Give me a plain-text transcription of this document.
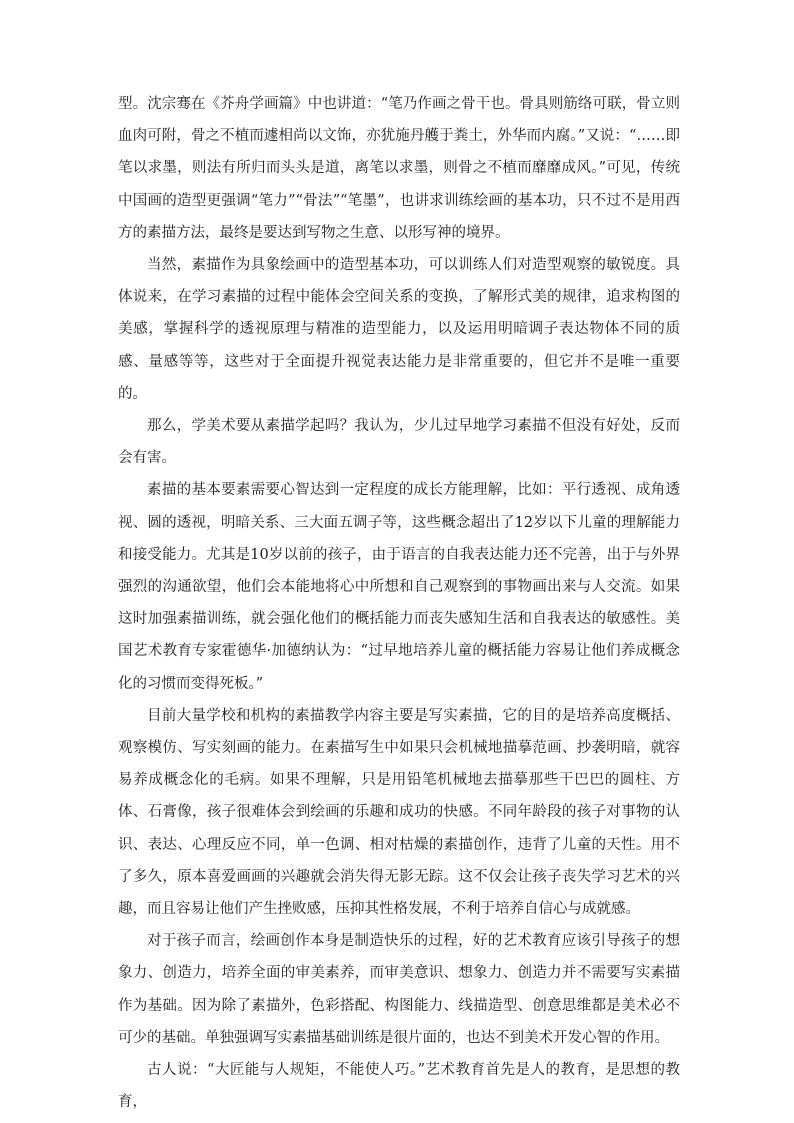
型。沈宗骞在《芥舟学画篇》中也讲道：“笔乃作画之骨干也。骨具则筋络可联，骨立则血肉可附，骨之不植而遽相尚以文饰，亦犹施丹艧于粪土，外华而内腐。”又说：“……即笔以求墨，则法有所归而头头是道，离笔以求墨，则骨之不植而靡靡成风。”可见，传统中国画的造型更强调“笔力”“骨法”“笔墨”，也讲求训练绘画的基本功，只不过不是用西方的素描方法，最终是要达到写物之生意、以形写神的境界。

当然，素描作为具象绘画中的造型基本功，可以训练人们对造型观察的敏锐度。具体说来，在学习素描的过程中能体会空间关系的变换，了解形式美的规律，追求构图的美感，掌握科学的透视原理与精准的造型能力，以及运用明暗调子表达物体不同的质感、量感等等，这些对于全面提升视觉表达能力是非常重要的，但它并不是唯一重要的。

那么，学美术要从素描学起吗？我认为，少儿过早地学习素描不但没有好处，反而会有害。

素描的基本要素需要心智达到一定程度的成长方能理解，比如：平行透视、成角透视、圆的透视，明暗关系、三大面五调子等，这些概念超出了12岁以下儿童的理解能力和接受能力。尤其是10岁以前的孩子，由于语言的自我表达能力还不完善，出于与外界强烈的沟通欲望，他们会本能地将心中所想和自己观察到的事物画出来与人交流。如果这时加强素描训练，就会强化他们的概括能力而丧失感知生活和自我表达的敏感性。美国艺术教育专家霍德华·加德纳认为：“过早地培养儿童的概括能力容易让他们养成概念化的习惯而变得死板。”

目前大量学校和机构的素描教学内容主要是写实素描，它的目的是培养高度概括、观察模仿、写实刻画的能力。在素描写生中如果只会机械地描摹范画、抄袭明暗，就容易养成概念化的毛病。如果不理解，只是用铅笔机械地去描摹那些干巴巴的圆柱、方体、石膏像，孩子很难体会到绘画的乐趣和成功的快感。不同年龄段的孩子对事物的认识、表达、心理反应不同，单一色调、相对枯燥的素描创作，违背了儿童的天性。用不了多久，原本喜爱画画的兴趣就会消失得无影无踪。这不仅会让孩子丧失学习艺术的兴趣，而且容易让他们产生挫败感，压抑其性格发展，不利于培养自信心与成就感。

对于孩子而言，绘画创作本身是制造快乐的过程，好的艺术教育应该引导孩子的想象力、创造力，培养全面的审美素养，而审美意识、想象力、创造力并不需要写实素描作为基础。因为除了素描外，色彩搭配、构图能力、线描造型、创意思维都是美术必不可少的基础。单独强调写实素描基础训练是很片面的，也达不到美术开发心智的作用。

古人说：“大匠能与人规矩，不能使人巧。”艺术教育首先是人的教育，是思想的教育，
